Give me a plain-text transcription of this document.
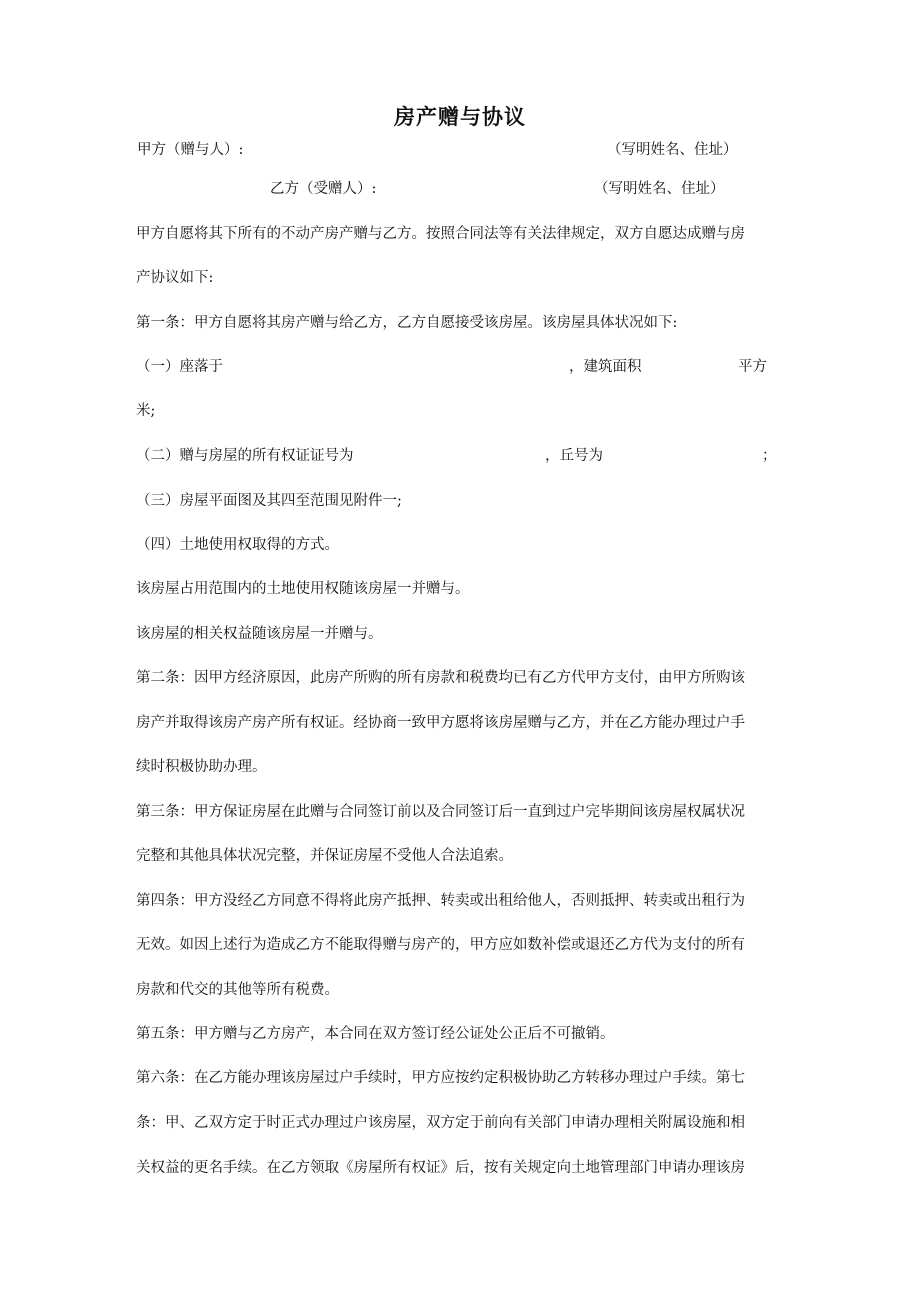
房产赠与协议
甲方（赠与人）:	（写明姓名、住址）
乙方（受赠人）:	（写明姓名、住址）
甲方自愿将其下所有的不动产房产赠与乙方。按照合同法等有关法律规定，双方自愿达成赠与房
产协议如下:
第一条：甲方自愿将其房产赠与给乙方，乙方自愿接受该房屋。该房屋具体状况如下:
（一）座落于	，建筑面积	平方
米;
（二）赠与房屋的所有权证证号为	，丘号为	；
（三）房屋平面图及其四至范围见附件一;
（四）土地使用权取得的方式。
该房屋占用范围内的土地使用权随该房屋一并赠与。
该房屋的相关权益随该房屋一并赠与。
第二条：因甲方经济原因，此房产所购的所有房款和税费均已有乙方代甲方支付，由甲方所购该
房产并取得该房产房产所有权证。经协商一致甲方愿将该房屋赠与乙方，并在乙方能办理过户手
续时积极协助办理。
第三条：甲方保证房屋在此赠与合同签订前以及合同签订后一直到过户完毕期间该房屋权属状况
完整和其他具体状况完整，并保证房屋不受他人合法追索。
第四条：甲方没经乙方同意不得将此房产抵押、转卖或出租给他人，否则抵押、转卖或出租行为
无效。如因上述行为造成乙方不能取得赠与房产的，甲方应如数补偿或退还乙方代为支付的所有
房款和代交的其他等所有税费。
第五条：甲方赠与乙方房产，本合同在双方签订经公证处公正后不可撤销。
第六条：在乙方能办理该房屋过户手续时，甲方应按约定积极协助乙方转移办理过户手续。第七
条：甲、乙双方定于时正式办理过户该房屋，双方定于前向有关部门申请办理相关附属设施和相
关权益的更名手续。在乙方领取《房屋所有权证》后，按有关规定向土地管理部门申请办理该房
